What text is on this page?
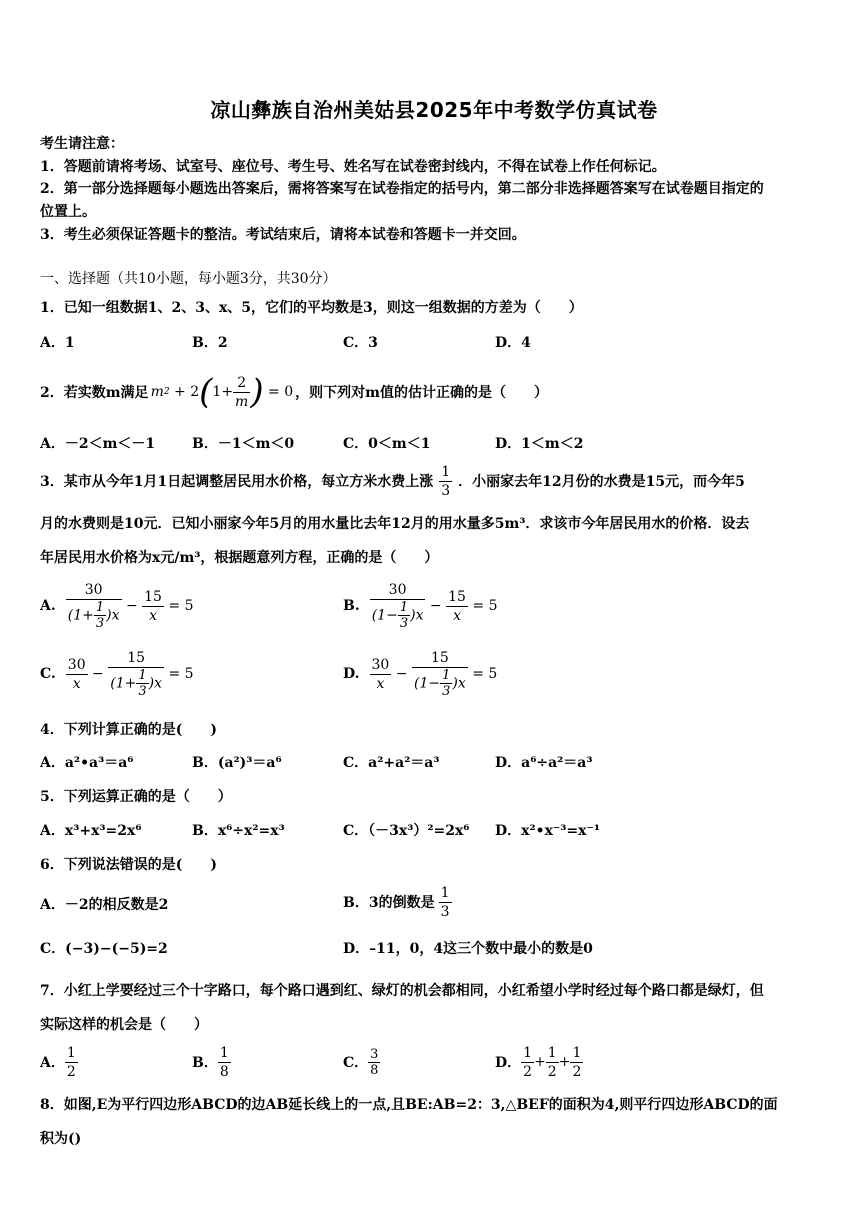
凉山彝族自治州美姑县2025年中考数学仿真试卷
考生请注意：
1．答题前请将考场、试室号、座位号、考生号、姓名写在试卷密封线内，不得在试卷上作任何标记。
2．第一部分选择题每小题选出答案后，需将答案写在试卷指定的括号内，第二部分非选择题答案写在试卷题目指定的
位置上。
3．考生必须保证答题卡的整洁。考试结束后，请将本试卷和答题卡一并交回。
一、选择题（共10小题，每小题3分，共30分）
1．已知一组数据1、2、3、x、5，它们的平均数是3，则这一组数据的方差为（　　）
A．1	B．2	C．3	D．4
2．若实数m满足 m 2 + 2 ( $1+ \frac{2}{m}$ )
= 0 ，则下列对m值的估计正确的是（　　）
A．－2＜m＜－1	B．－1＜m＜0	C．0＜m＜1	D．1＜m＜2
3．某市从今年1月1日起调整居民用水价格，每立方米水费上涨 $\frac{1}{3}$ ．小丽家去年12月份的水费是15元，而今年5
月的水费则是10元．已知小丽家今年5月的用水量比去年12月的用水量多5m³．求该市今年居民用水的价格．设去
年居民用水价格为x元/m³，根据题意列方程，正确的是（　　）
A. $\frac{30}{(1+ \frac{1}{3} )x} - \frac{15}{x}$
= 5	B. $\frac{30}{(1- \frac{1}{3} )x} - \frac{15}{x}$
= 5
C. $\frac{30}{x} - \frac{15}{(1+ \frac{1}{3} )x}$
= 5	D. $\frac{30}{x} - \frac{15}{(1- \frac{1}{3} )x}$
= 5
4．下列计算正确的是(　　)
A．a²•a³＝a⁶	B．(a²)³＝a⁶	C．a²+a²＝a³	D．a⁶÷a²＝a³
5．下列运算正确的是（　　）
A．x³+x³=2x⁶	B．x⁶÷x²=x³	C．（－3x³）²=2x⁶ D．x²•x⁻³=x⁻¹
6．下列说法错误的是(　　)
A．－2的相反数是2	B．3的倒数是 $\frac{1}{3}$
C．(−3)−(−5)=2	D．–11，0，4这三个数中最小的数是0
7．小红上学要经过三个十字路口，每个路口遇到红、绿灯的机会都相同，小红希望小学时经过每个路口都是绿灯，但
实际这样的机会是（　　）
A． $\frac{1}{2}$	B． $\frac{1}{8}$	C． $\frac{3}{8}$	D． $\frac{1}{2} + \frac{1}{2} + \frac{1}{2}$
8．如图,E为平行四边形ABCD的边AB延长线上的一点,且BE:AB=2：3,△BEF的面积为4,则平行四边形ABCD的面
积为()
